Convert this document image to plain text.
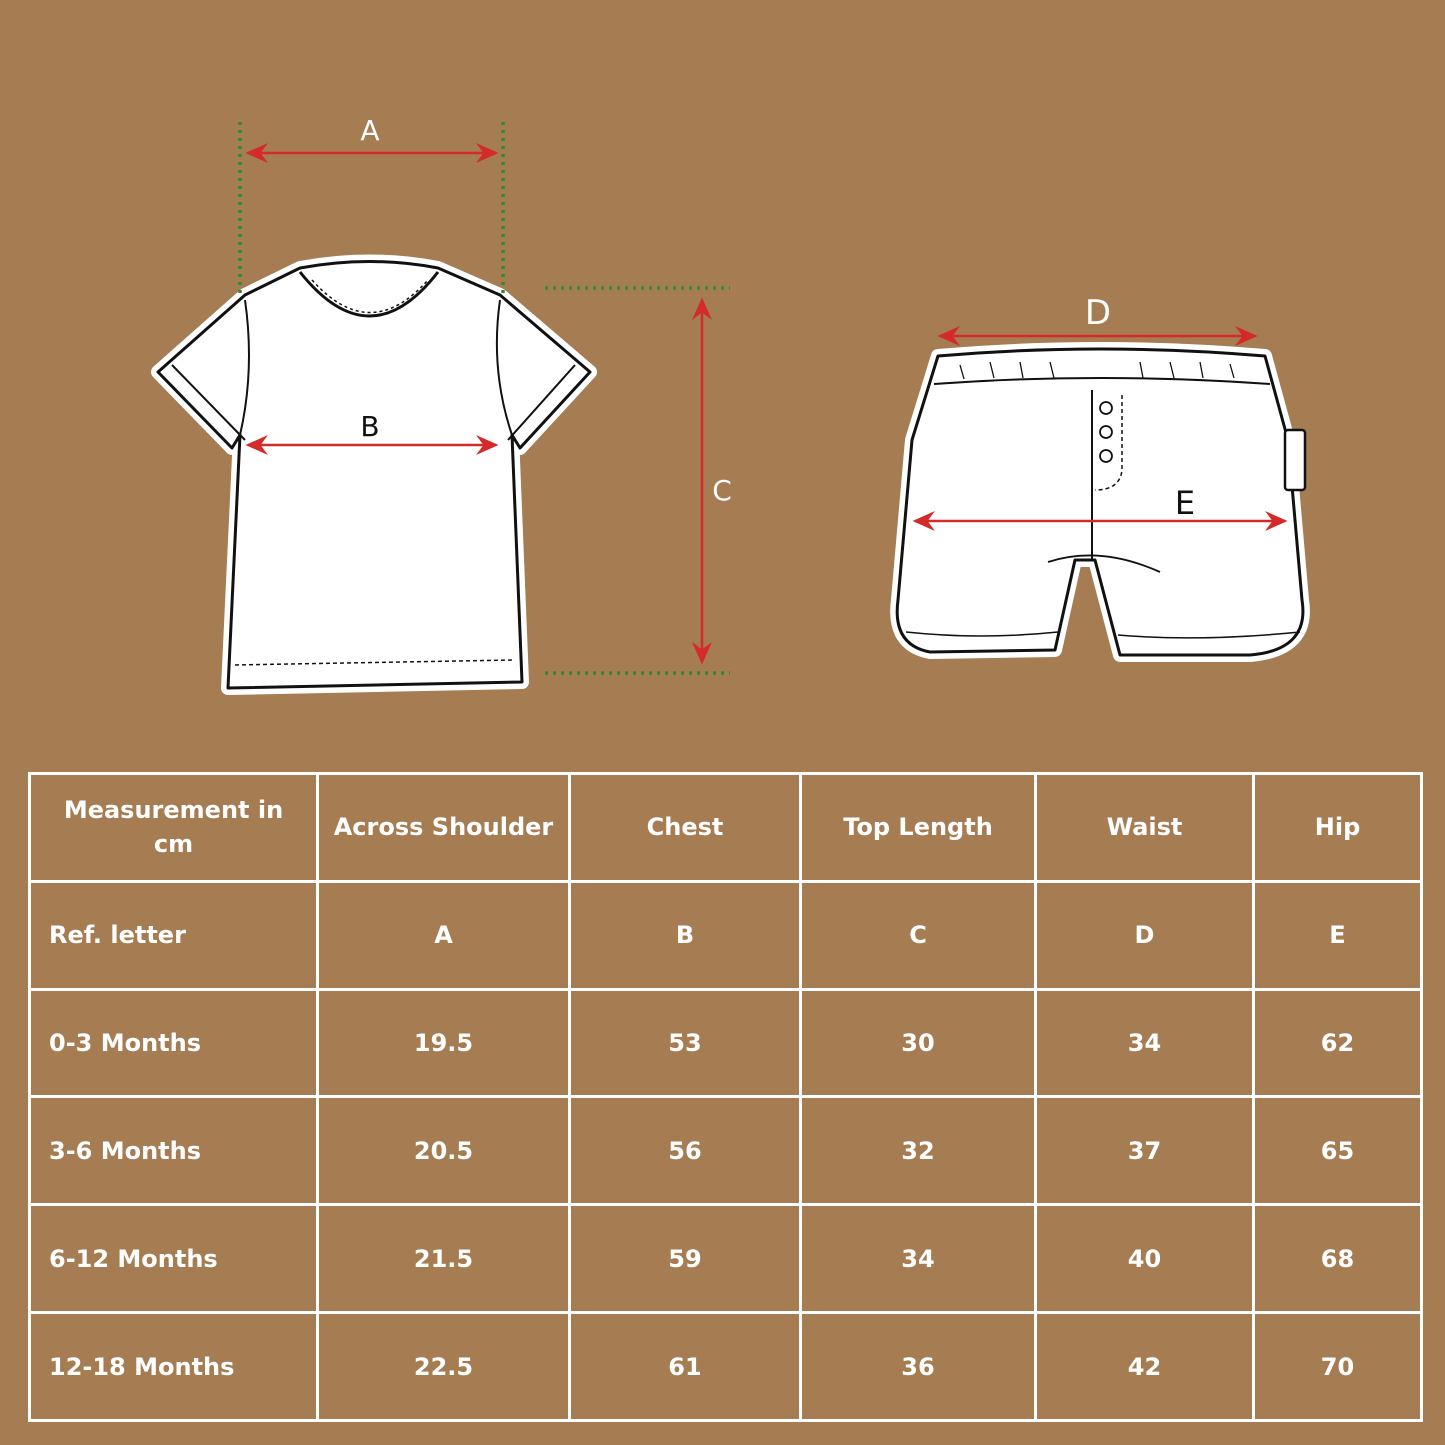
A
B
C
D
E
Measurement in cm	Across Shoulder	Chest	Top Length	Waist	Hip
Ref. letter	A	B	C	D	E
0-3 Months	19.5	53	30	34	62
3-6 Months	20.5	56	32	37	65
6-12 Months	21.5	59	34	40	68
12-18 Months	22.5	61	36	42	70
